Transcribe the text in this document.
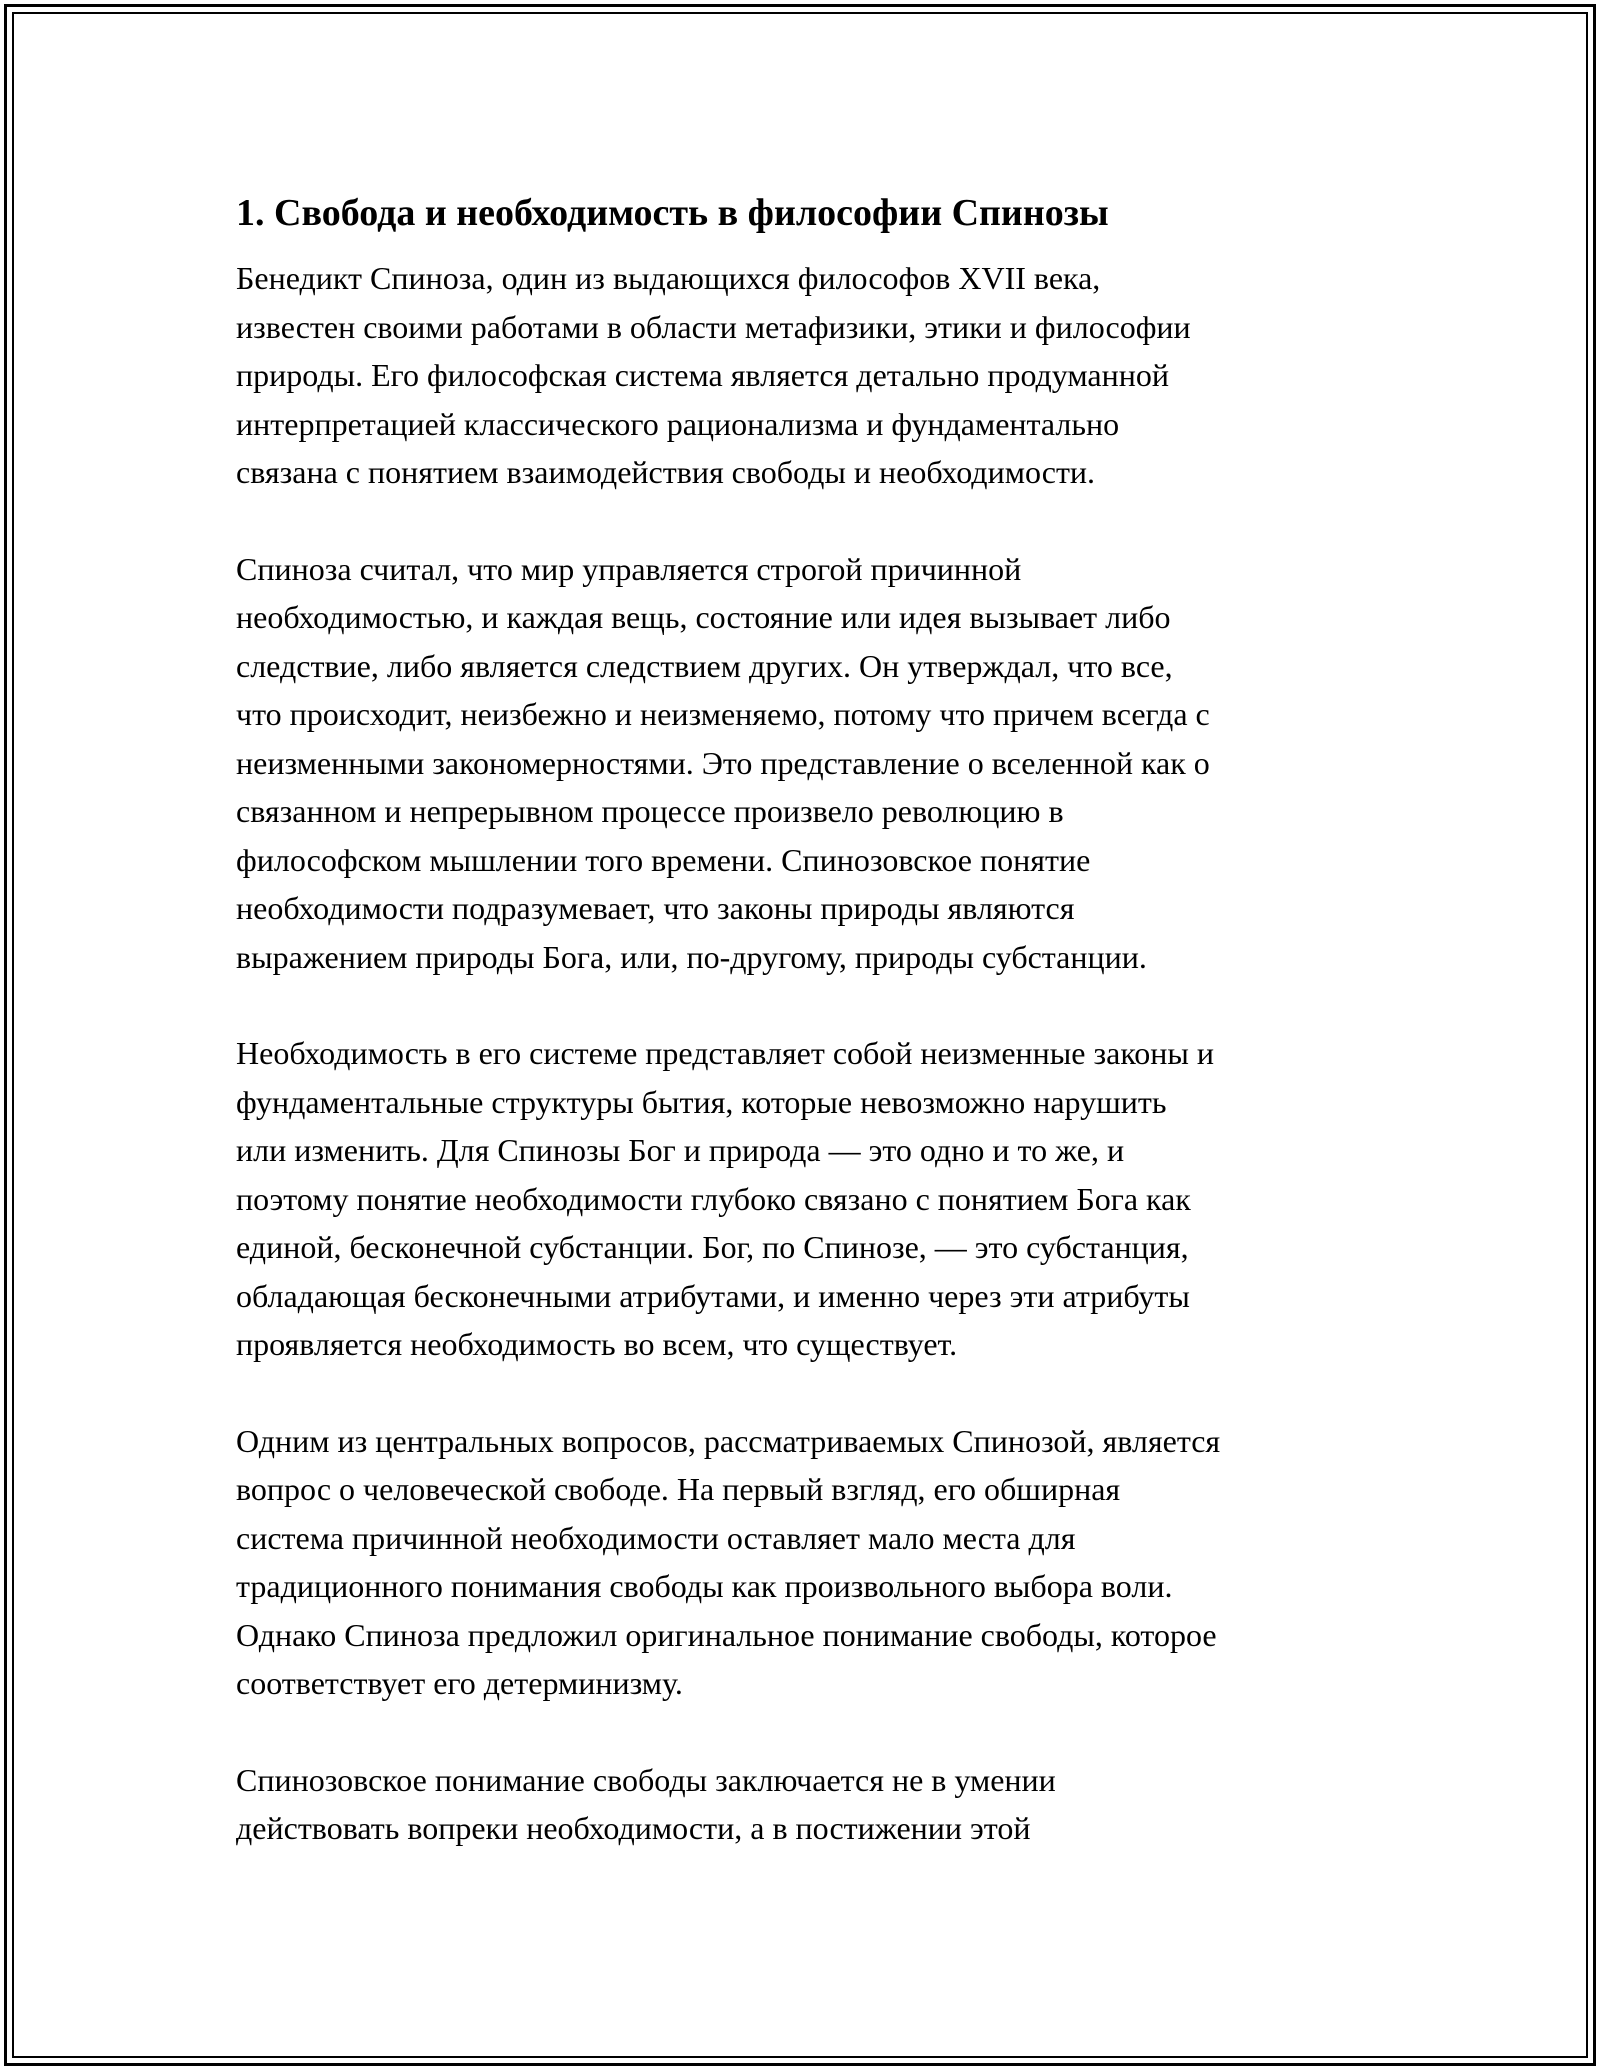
1. Свобода и необходимость в философии Спинозы
Бенедикт Спиноза, один из выдающихся философов XVII века,
известен своими работами в области метафизики, этики и философии
природы. Его философская система является детально продуманной
интерпретацией классического рационализма и фундаментально
связана с понятием взаимодействия свободы и необходимости.
Спиноза считал, что мир управляется строгой причинной
необходимостью, и каждая вещь, состояние или идея вызывает либо
следствие, либо является следствием других. Он утверждал, что все,
что происходит, неизбежно и неизменяемо, потому что причем всегда с
неизменными закономерностями. Это представление о вселенной как о
связанном и непрерывном процессе произвело революцию в
философском мышлении того времени. Спинозовское понятие
необходимости подразумевает, что законы природы являются
выражением природы Бога, или, по-другому, природы субстанции.
Необходимость в его системе представляет собой неизменные законы и
фундаментальные структуры бытия, которые невозможно нарушить
или изменить. Для Спинозы Бог и природа — это одно и то же, и
поэтому понятие необходимости глубоко связано с понятием Бога как
единой, бесконечной субстанции. Бог, по Спинозе, — это субстанция,
обладающая бесконечными атрибутами, и именно через эти атрибуты
проявляется необходимость во всем, что существует.
Одним из центральных вопросов, рассматриваемых Спинозой, является
вопрос о человеческой свободе. На первый взгляд, его обширная
система причинной необходимости оставляет мало места для
традиционного понимания свободы как произвольного выбора воли.
Однако Спиноза предложил оригинальное понимание свободы, которое
соответствует его детерминизму.
Спинозовское понимание свободы заключается не в умении
действовать вопреки необходимости, а в постижении этой
